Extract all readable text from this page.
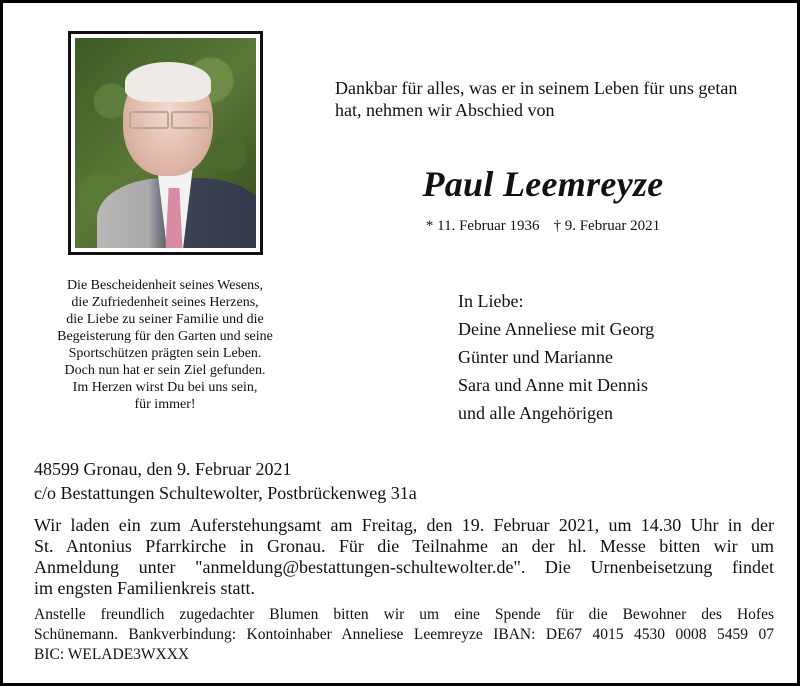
Dankbar für alles, was er in seinem Leben für uns getan
hat, nehmen wir Abschied von
Paul Leemreyze
* 11. Februar 1936 † 9. Februar 2021
Die Bescheidenheit seines Wesens,
die Zufriedenheit seines Herzens,
die Liebe zu seiner Familie und die
Begeisterung für den Garten und seine
Sportschützen prägten sein Leben.
Doch nun hat er sein Ziel gefunden.
Im Herzen wirst Du bei uns sein,
für immer!
In Liebe:
Deine Anneliese mit Georg
Günter und Marianne
Sara und Anne mit Dennis
und alle Angehörigen
48599 Gronau, den 9. Februar 2021
c/o Bestattungen Schultewolter, Postbrückenweg 31a
Wir laden ein zum Auferstehungsamt am Freitag, den 19. Februar 2021, um 14.30 Uhr in der
St. Antonius Pfarrkirche in Gronau. Für die Teilnahme an der hl. Messe bitten wir um
Anmeldung unter "anmeldung@bestattungen-schultewolter.de". Die Urnenbeisetzung findet
im engsten Familienkreis statt.
Anstelle freundlich zugedachter Blumen bitten wir um eine Spende für die Bewohner des Hofes
Schünemann. Bankverbindung: Kontoinhaber Anneliese Leemreyze IBAN: DE67 4015 4530 0008 5459 07
BIC: WELADE3WXXX
